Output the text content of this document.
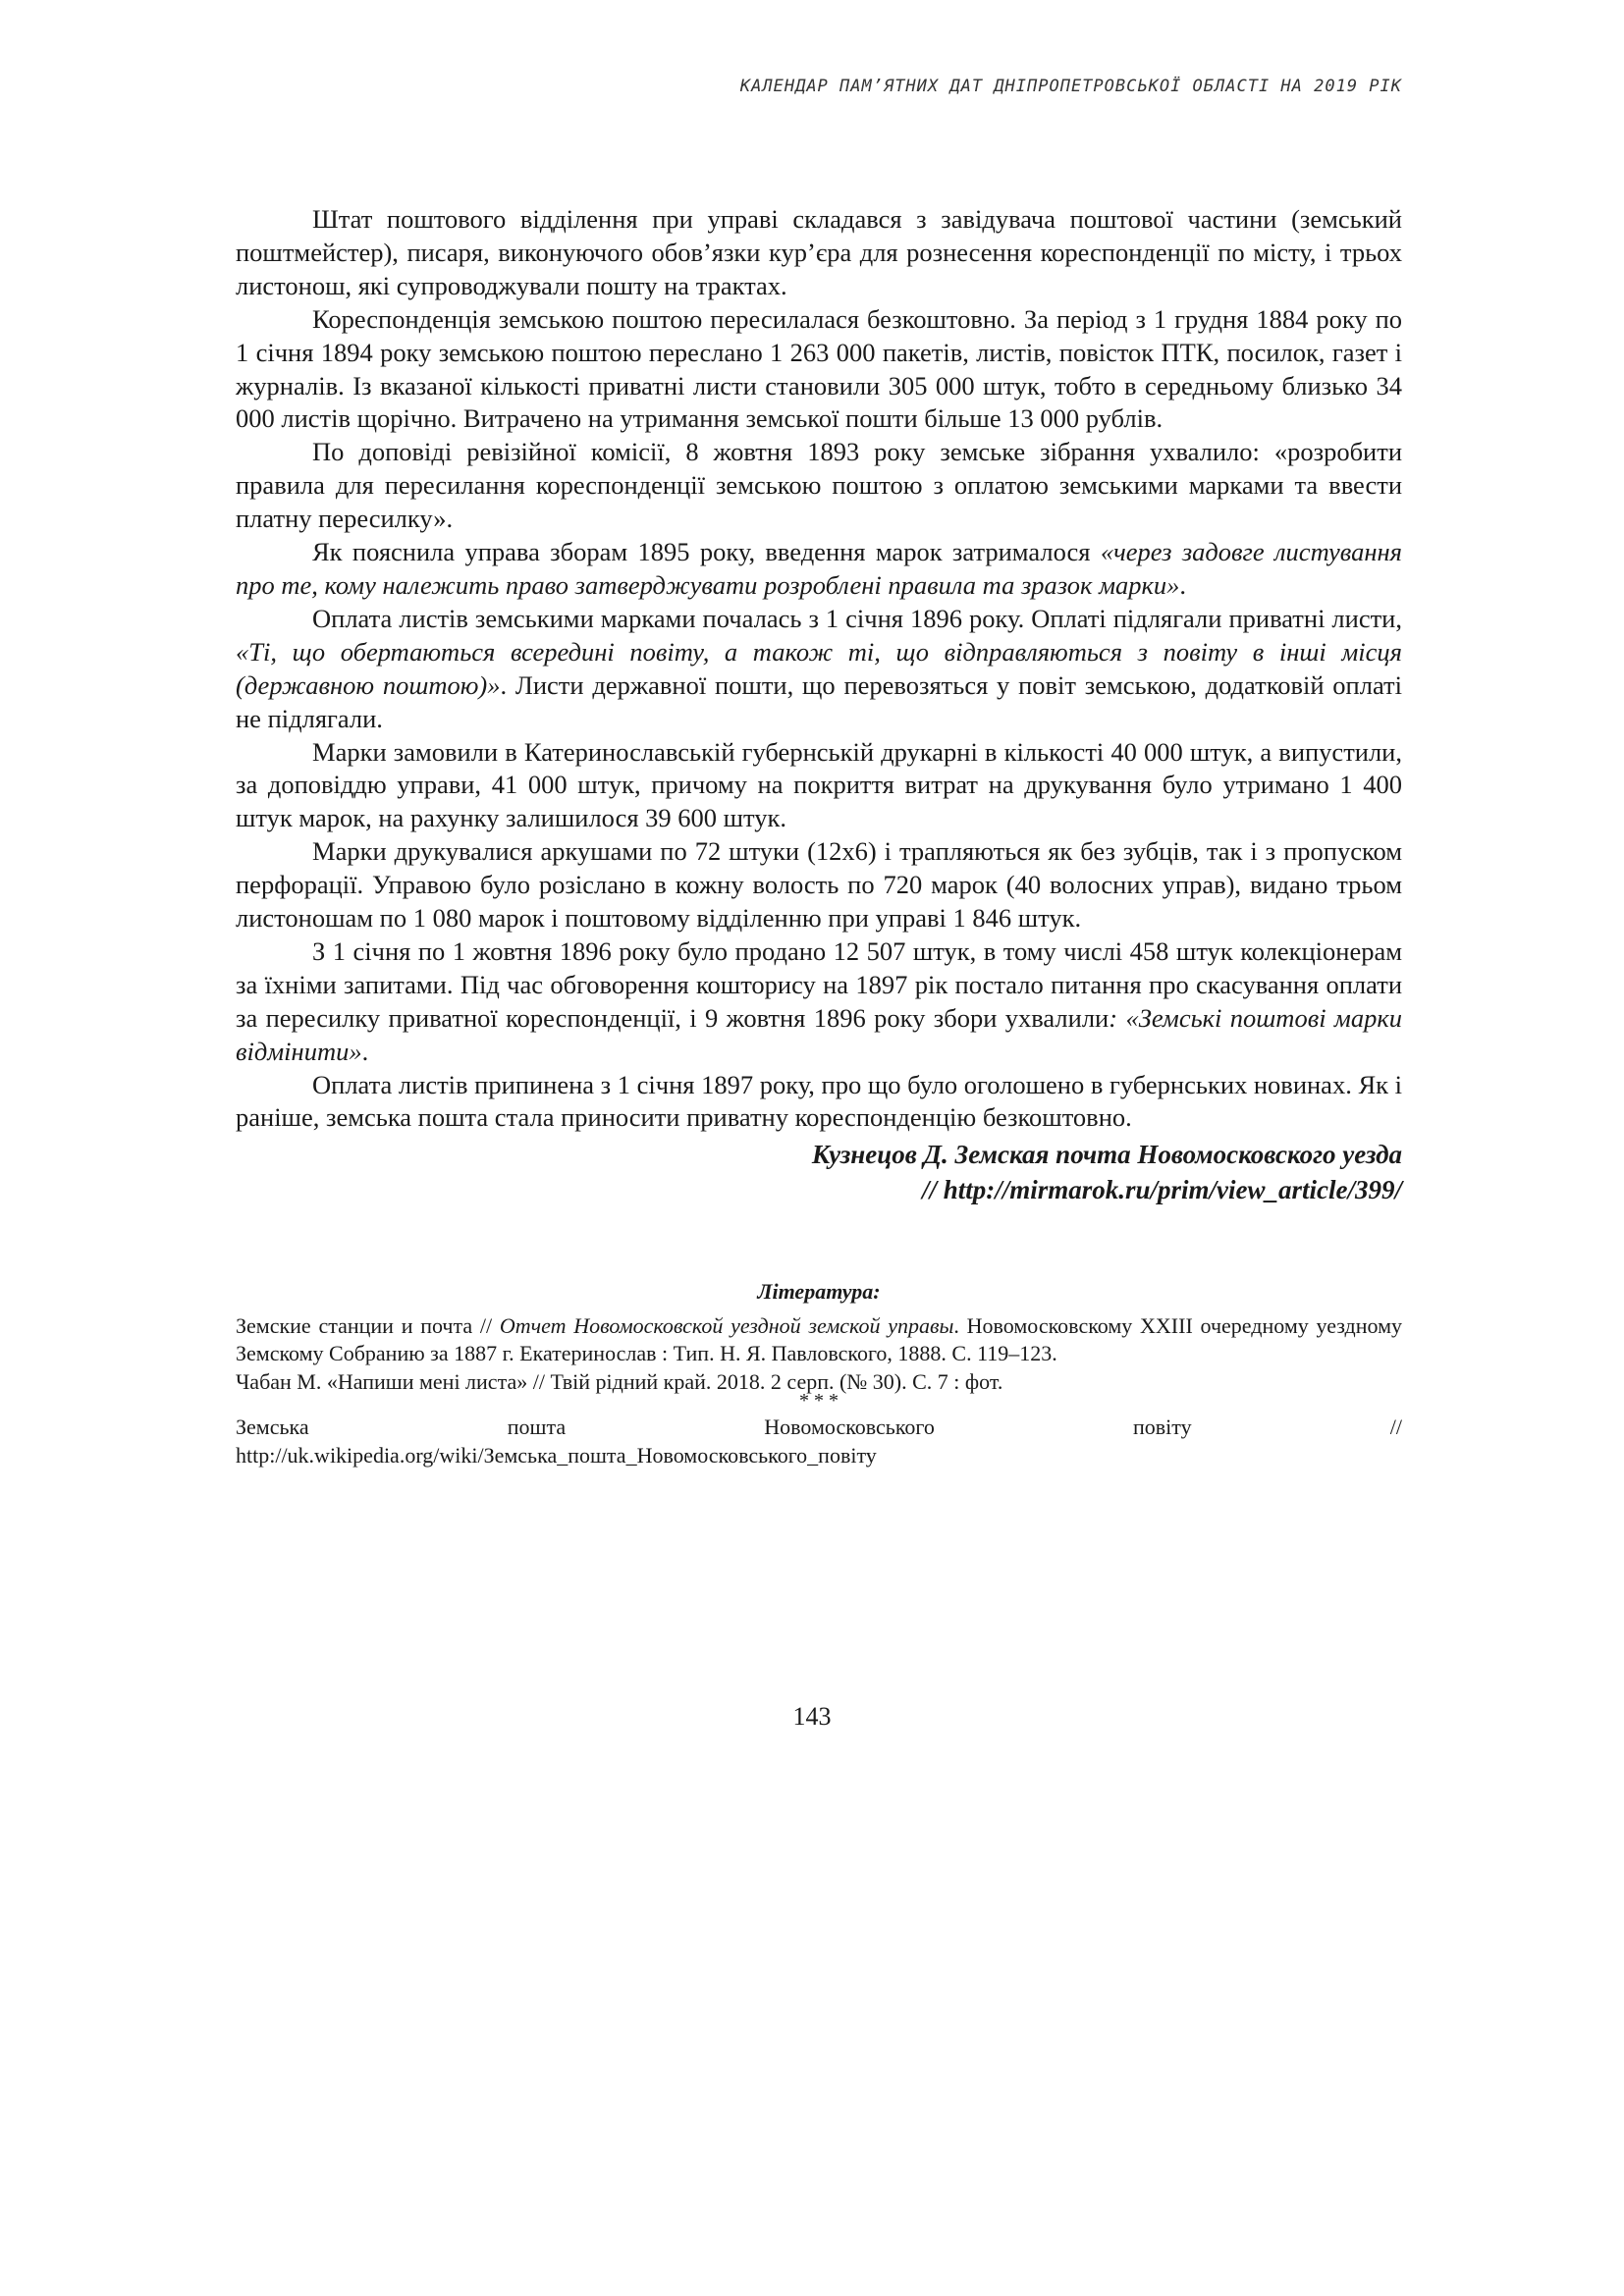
КАЛЕНДАР ПАМ’ЯТНИХ ДАТ ДНІПРОПЕТРОВСЬКОЇ ОБЛАСТІ НА 2019 РІК

Штат поштового відділення при управі складався з завідувача поштової частини (земський поштмейстер), писаря, виконуючого обов’язки кур’єра для рознесення кореспонденції по місту, і трьох листонош, які супроводжували пошту на трактах.

Кореспонденція земською поштою пересилалася безкоштовно. За період з 1 грудня 1884 року по 1 січня 1894 року земською поштою переслано 1 263 000 пакетів, листів, повісток ПТК, посилок, газет і журналів. Із вказаної кількості приватні листи становили 305 000 штук, тобто в середньому близько 34 000 листів щорічно. Витрачено на утримання земської пошти більше 13 000 рублів.

По доповіді ревізійної комісії, 8 жовтня 1893 року земське зібрання ухвалило: «розробити правила для пересилання кореспонденції земською поштою з оплатою земськими марками та ввести платну пересилку».

Як пояснила управа зборам 1895 року, введення марок затрималося «через задовге листування про те, кому належить право затверджувати розроблені правила та зразок марки».

Оплата листів земськими марками почалась з 1 січня 1896 року. Оплаті підлягали приватні листи, «Ті, що обертаються всередині повіту, а також ті, що відправляються з повіту в інші місця (державною поштою)». Листи державної пошти, що перевозяться у повіт земською, додатковій оплаті не підлягали.

Марки замовили в Катеринославській губернській друкарні в кількості 40 000 штук, а випустили, за доповіддю управи, 41 000 штук, причому на покриття витрат на друкування було утримано 1 400 штук марок, на рахунку залишилося 39 600 штук.

Марки друкувалися аркушами по 72 штуки (12х6) і трапляються як без зубців, так і з пропуском перфорації. Управою було розіслано в кожну волость по 720 марок (40 волосних управ), видано трьом листоношам по 1 080 марок і поштовому відділенню при управі 1 846 штук.

З 1 січня по 1 жовтня 1896 року було продано 12 507 штук, в тому числі 458 штук колекціонерам за їхніми запитами. Під час обговорення кошторису на 1897 рік постало питання про скасування оплати за пересилку приватної кореспонденції, і 9 жовтня 1896 року збори ухвалили: «Земські поштові марки відмінити».

Оплата листів припинена з 1 січня 1897 року, про що було оголошено в губернських новинах. Як і раніше, земська пошта стала приносити приватну кореспонденцію безкоштовно.

Кузнецов Д. Земская почта Новомосковского уезда
// http://mirmarok.ru/prim/view_article/399/
Література:

Земские станции и почта // Отчет Новомосковской уездной земской управы. Новомосковскому XXIII очередному уездному Земскому Собранию за 1887 г. Екатеринослав : Тип. Н. Я. Павловского, 1888. С. 119–123.

Чабан М. «Напиши мені листа» // Твій рідний край. 2018. 2 серп. (№ 30). С. 7 : фот.

* * *
Земська	пошта	Новомосковського	повіту	//
http://uk.wikipedia.org/wiki/Земська_пошта_Новомосковського_повіту
143
